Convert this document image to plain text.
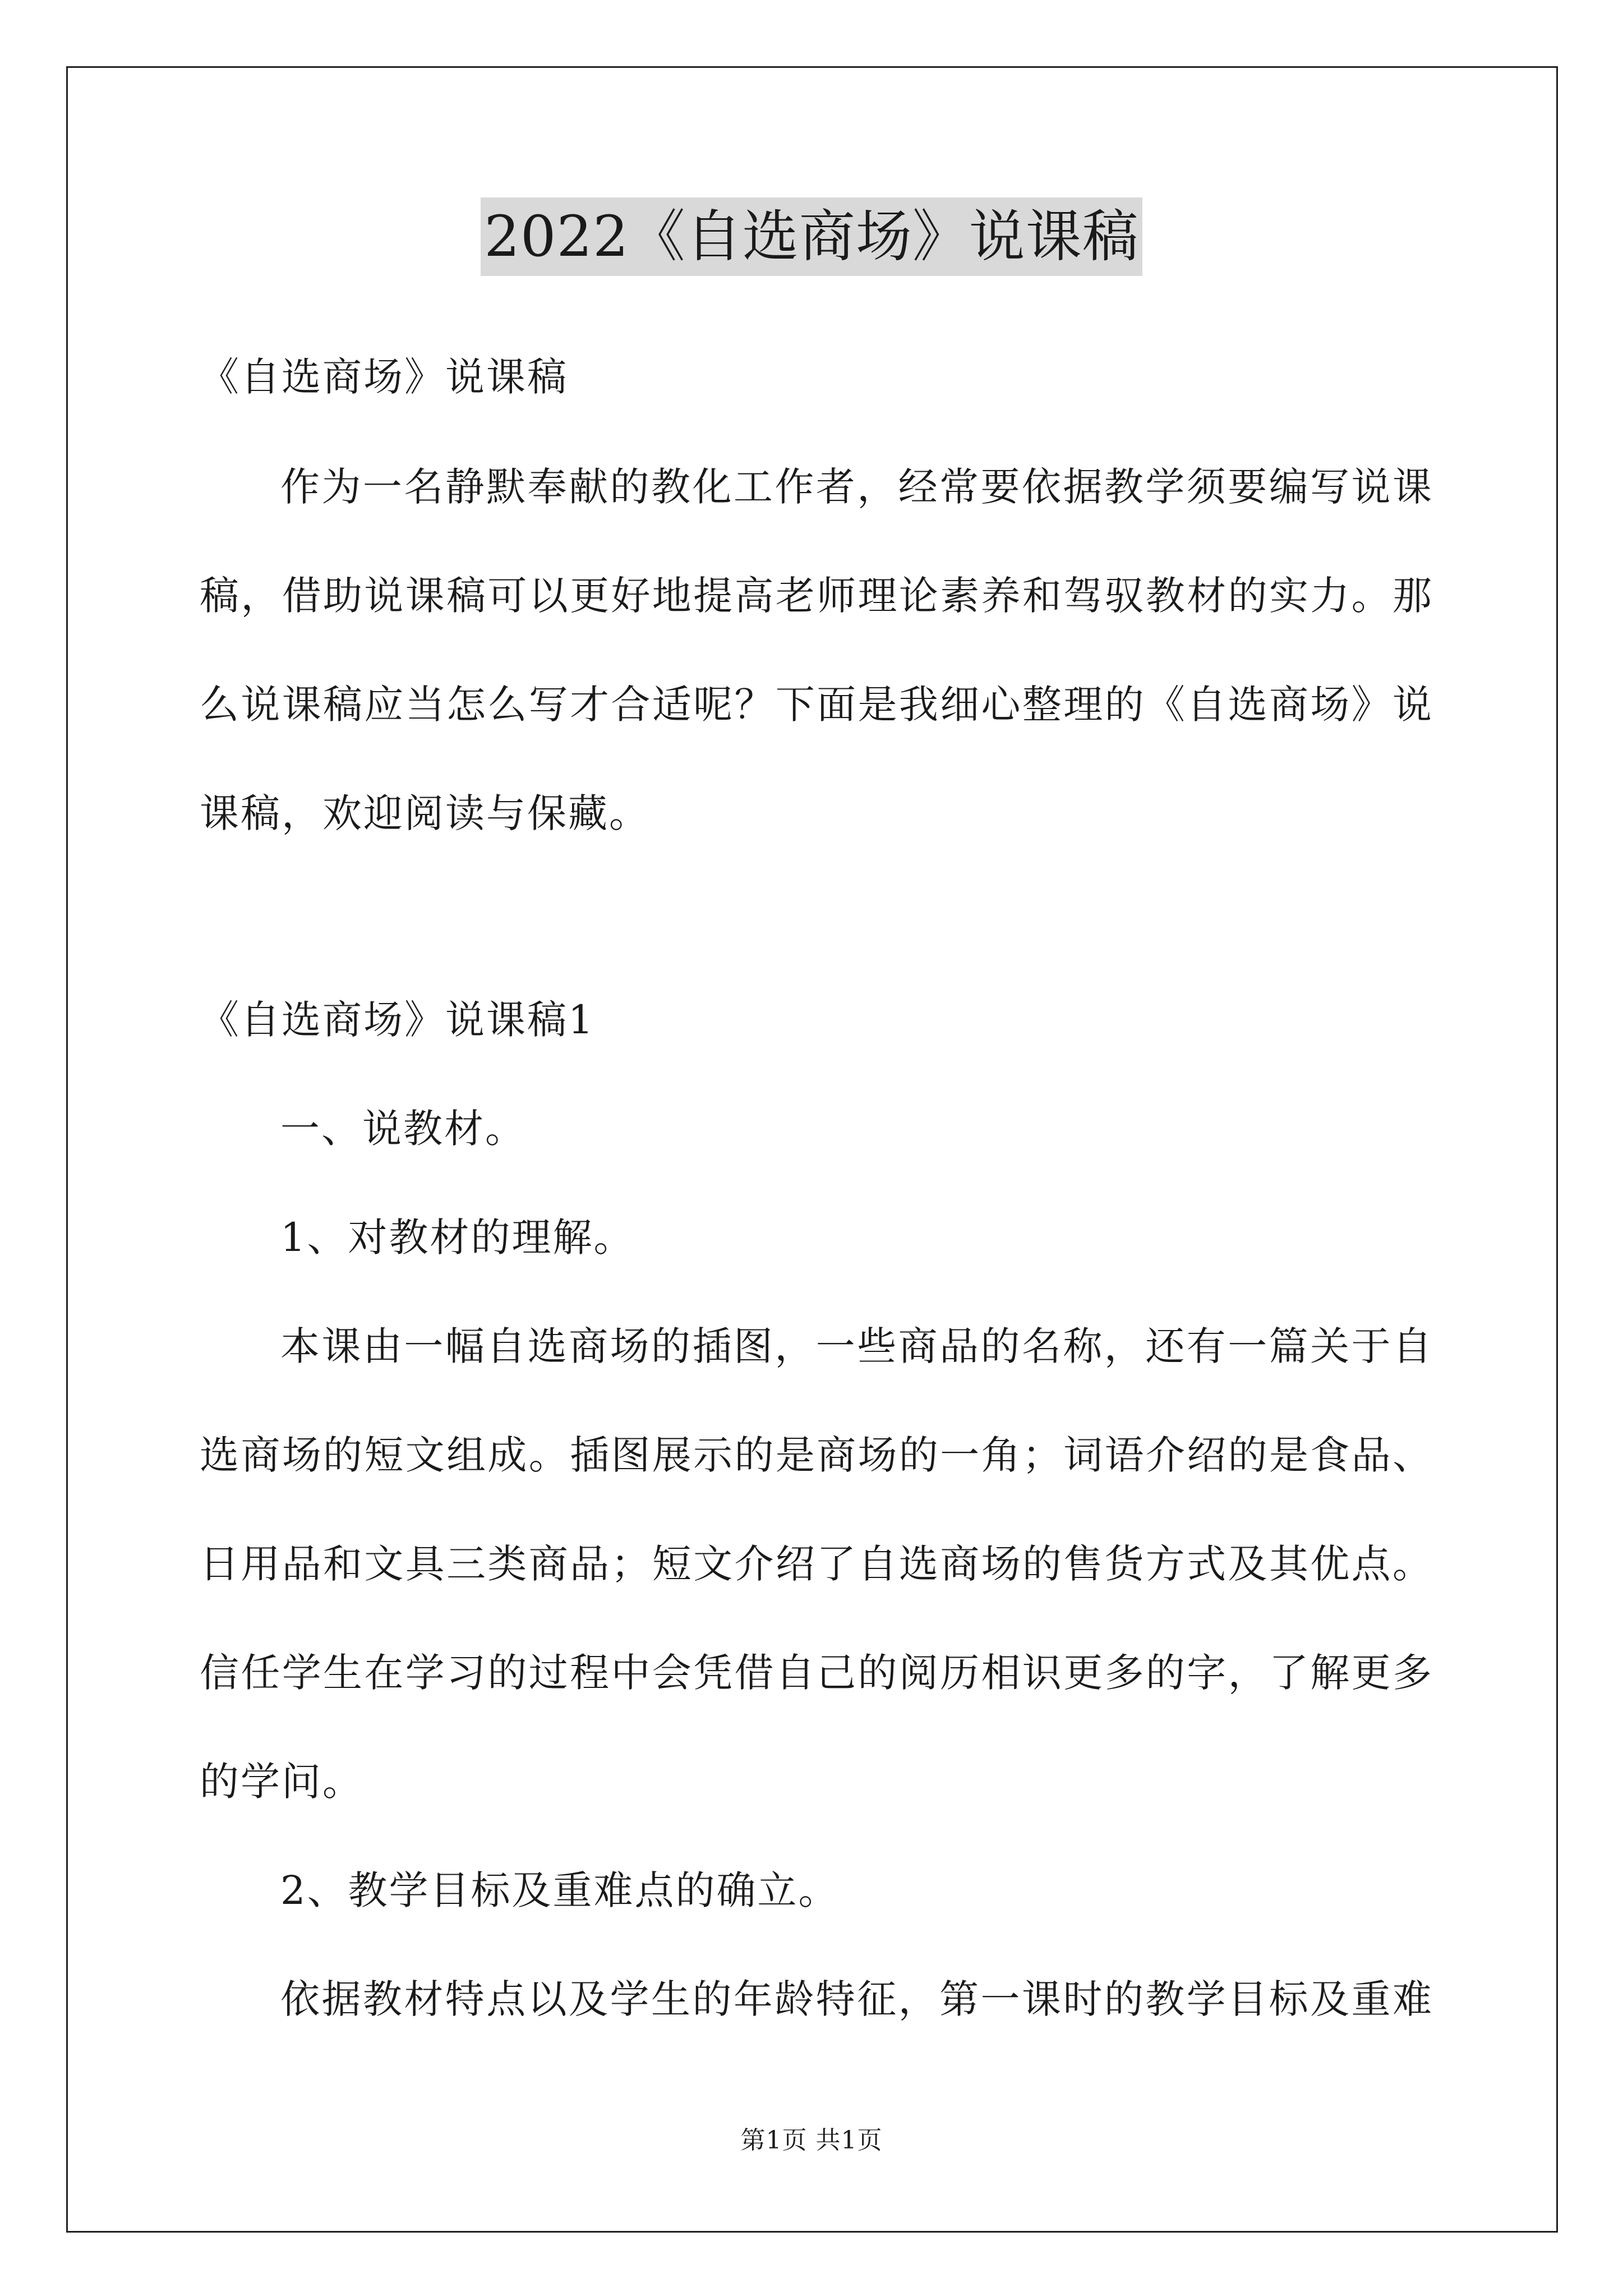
2022《自选商场》说课稿
《自选商场》说课稿
作为一名静默奉献的教化工作者，经常要依据教学须要编写说课
稿，借助说课稿可以更好地提高老师理论素养和驾驭教材的实力。那
么说课稿应当怎么写才合适呢？下面是我细心整理的《自选商场》说
课稿，欢迎阅读与保藏。
《自选商场》说课稿1
一、说教材。
1、对教材的理解。
本课由一幅自选商场的插图，一些商品的名称，还有一篇关于自
选商场的短文组成。插图展示的是商场的一角；词语介绍的是食品、
日用品和文具三类商品；短文介绍了自选商场的售货方式及其优点。
信任学生在学习的过程中会凭借自己的阅历相识更多的字，了解更多
的学问。
2、教学目标及重难点的确立。
依据教材特点以及学生的年龄特征，第一课时的教学目标及重难
第1页 共1页
